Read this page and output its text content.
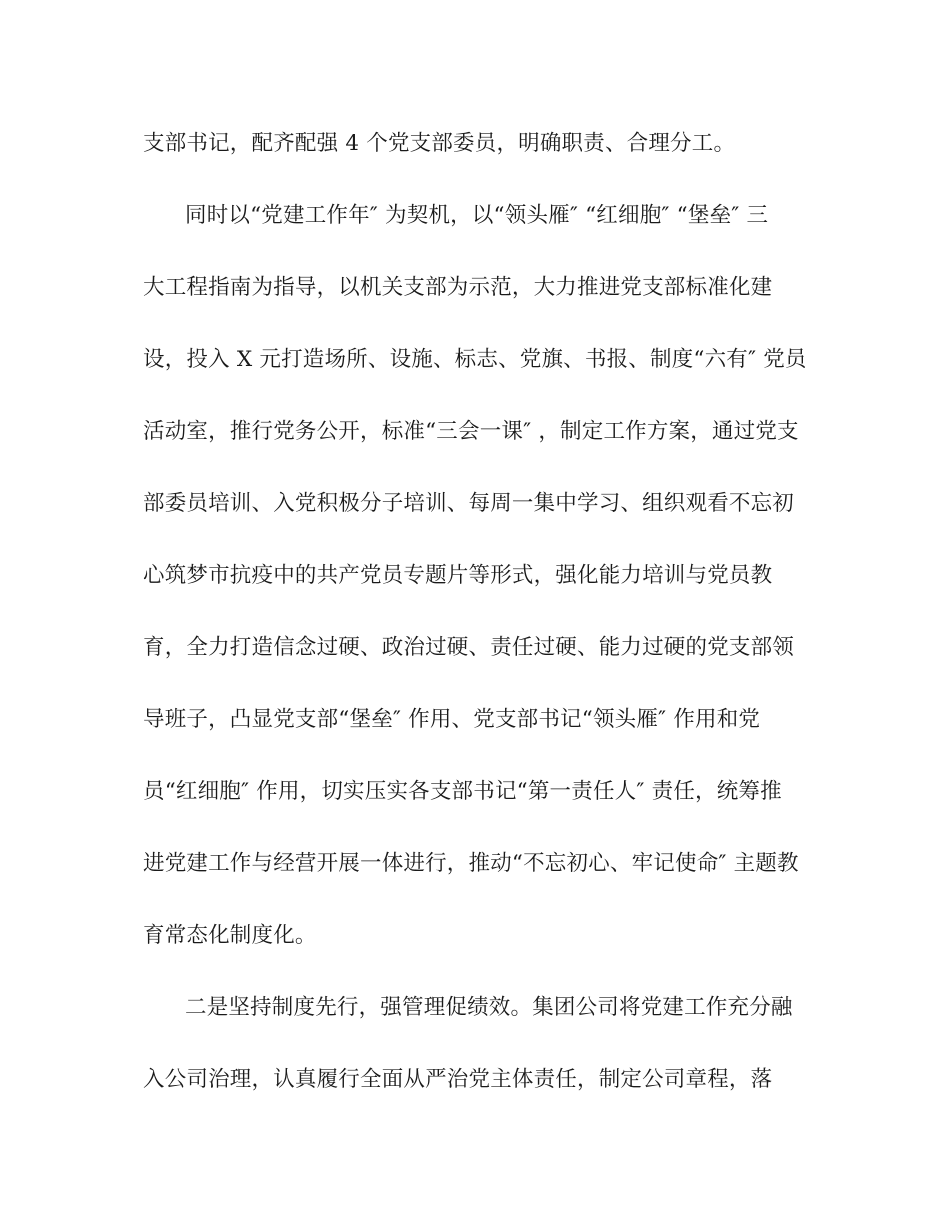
支部书记，配齐配强 4 个党支部委员，明确职责、合理分工。
同时以“党建工作年″ 为契机，以“领头雁″ “红细胞″ “堡垒″ 三
大工程指南为指导，以机关支部为示范，大力推进党支部标准化建
设，投入 X 元打造场所、设施、标志、党旗、书报、制度“六有″ 党员
活动室，推行党务公开，标准“三会一课″ ，制定工作方案，通过党支
部委员培训、入党积极分子培训、每周一集中学习、组织观看不忘初
心筑梦市抗疫中的共产党员专题片等形式，强化能力培训与党员教
育，全力打造信念过硬、政治过硬、责任过硬、能力过硬的党支部领
导班子，凸显党支部“堡垒″ 作用、党支部书记“领头雁″ 作用和党
员“红细胞″ 作用，切实压实各支部书记“第一责任人″ 责任，统筹推
进党建工作与经营开展一体进行，推动“不忘初心、牢记使命″ 主题教
育常态化制度化。
二是坚持制度先行，强管理促绩效。集团公司将党建工作充分融
入公司治理，认真履行全面从严治党主体责任，制定公司章程，落
